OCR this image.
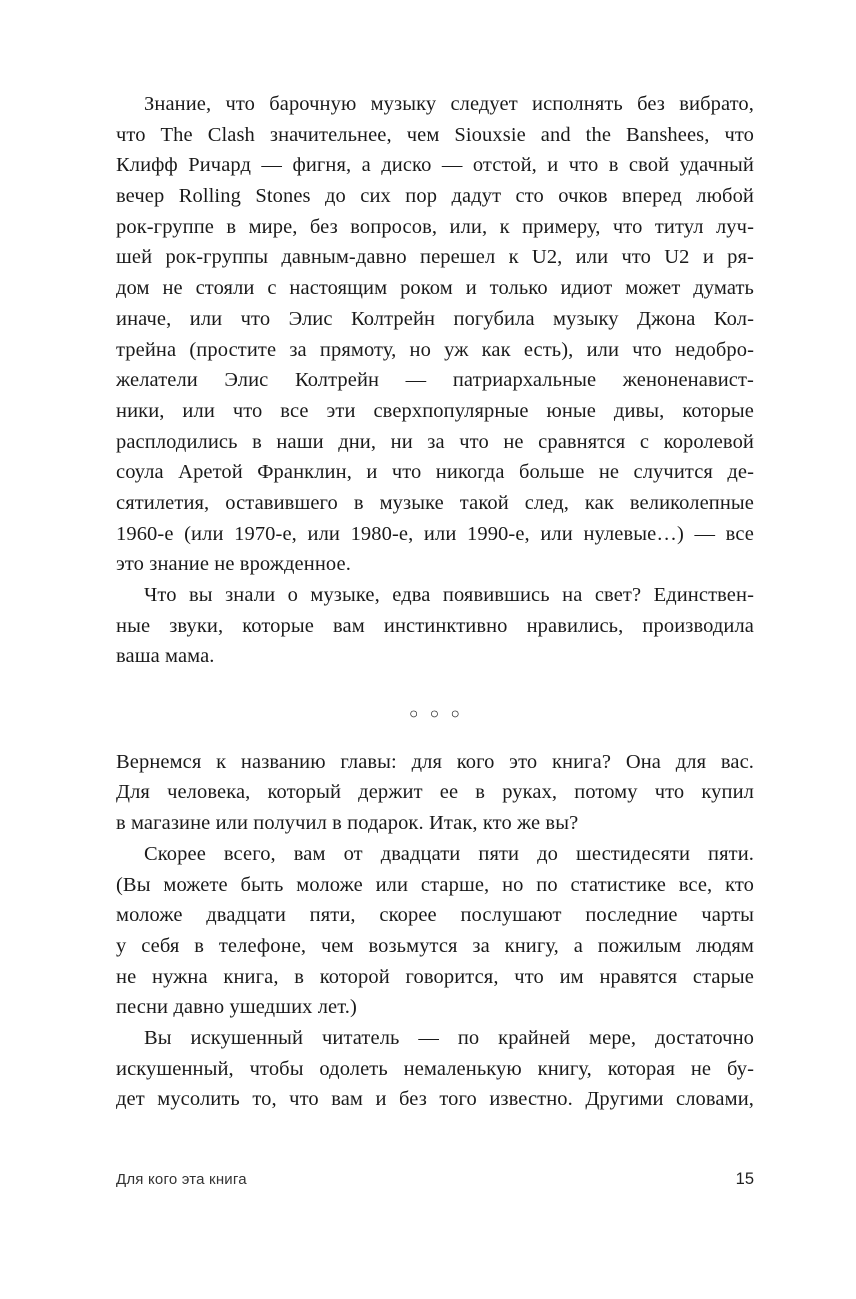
Знание, что барочную музыку следует исполнять без вибрато,
что The Clash значительнее, чем Siouxsie and the Banshees, что
Клифф Ричард — фигня, а диско — отстой, и что в свой удачный
вечер Rolling Stones до сих пор дадут сто очков вперед любой
рок-группе в мире, без вопросов, или, к примеру, что титул луч-
шей рок-группы давным-давно перешел к U2, или что U2 и ря-
дом не стояли с настоящим роком и только идиот может думать
иначе, или что Элис Колтрейн погубила музыку Джона Кол-
трейна (простите за прямоту, но уж как есть), или что недобро-
желатели Элис Колтрейн — патриархальные женоненавист-
ники, или что все эти сверхпопулярные юные дивы, которые
расплодились в наши дни, ни за что не сравнятся с королевой
соула Аретой Франклин, и что никогда больше не случится де-
сятилетия, оставившего в музыке такой след, как великолепные
1960-е (или 1970-е, или 1980-е, или 1990-е, или нулевые…) — все
это знание не врожденное.
Что вы знали о музыке, едва появившись на свет? Единствен-
ные звуки, которые вам инстинктивно нравились, производила
ваша мама.
◦ ◦ ◦
Вернемся к названию главы: для кого это книга? Она для вас.
Для человека, который держит ее в руках, потому что купил
в магазине или получил в подарок. Итак, кто же вы?
Скорее всего, вам от двадцати пяти до шестидесяти пяти.
(Вы можете быть моложе или старше, но по статистике все, кто
моложе двадцати пяти, скорее послушают последние чарты
у себя в телефоне, чем возьмутся за книгу, а пожилым людям
не нужна книга, в которой говорится, что им нравятся старые
песни давно ушедших лет.)
Вы искушенный читатель — по крайней мере, достаточно
искушенный, чтобы одолеть немаленькую книгу, которая не бу-
дет мусолить то, что вам и без того известно. Другими словами,
Для кого эта книга	15
